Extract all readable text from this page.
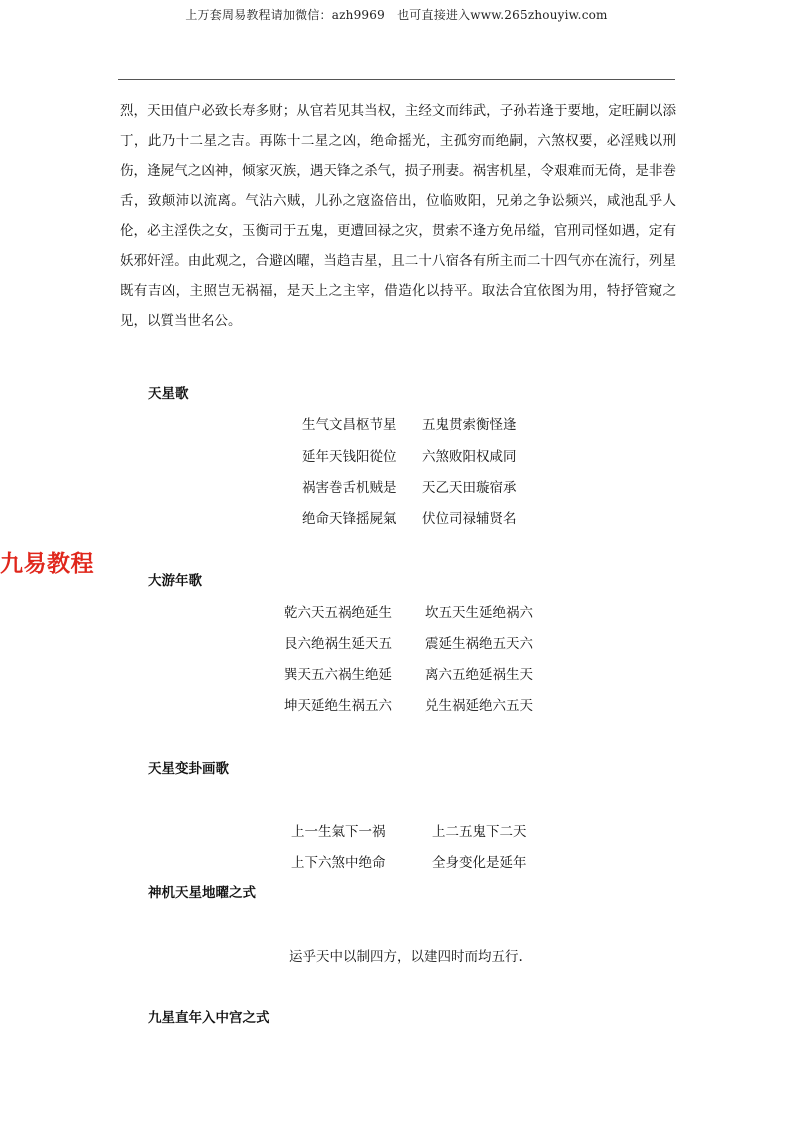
上万套周易教程请加微信：azh9969　也可直接进入www.265zhouyiw.com
烈，天田值户必致长寿多财；从官若见其当权，主经文而纬武，子孙若逢于要地，定旺嗣以添丁，此乃十二星之吉。再陈十二星之凶，绝命摇光，主孤穷而绝嗣，六煞权要，必淫贱以刑伤，逢屍气之凶神，倾家灭族，遇天锋之杀气，损子刑妻。祸害机星，令艰难而无倚，是非巻舌，致颠沛以流离。气沾六贼，儿孙之寇盗倍出，位临败阳，兄弟之争讼频兴，咸池乱乎人伦，必主淫佚之女，玉衡司于五鬼，更遭回禄之灾，贯索不逢方免吊缢，官刑司怪如遇，定有妖邪奸淫。由此观之，合避凶曜，当趋吉星，且二十八宿各有所主而二十四气亦在流行，列星既有吉凶，主照岂无祸福，是天上之主宰，借造化以持平。取法合宜依图为用，特抒管窥之见，以質当世名公。
天星歌
生气文昌枢节星 五鬼贯索衡怪逢
延年天钱阳從位 六煞败阳权咸同
祸害巻舌机贼是 天乙天田璇宿承
绝命天锋摇屍氣 伏位司禄辅贤名
九易教程
大游年歌
乾六天五祸绝延生 坎五天生延绝祸六
艮六绝祸生延天五 震延生祸绝五天六
巽天五六祸生绝延 离六五绝延祸生天
坤天延绝生祸五六 兑生祸延绝六五天
天星变卦画歌
上一生氣下一祸	上二五鬼下二天
上下六煞中绝命	全身变化是延年
神机天星地曜之式
运乎天中以制四方，以建四时而均五行.
九星直年入中宫之式
